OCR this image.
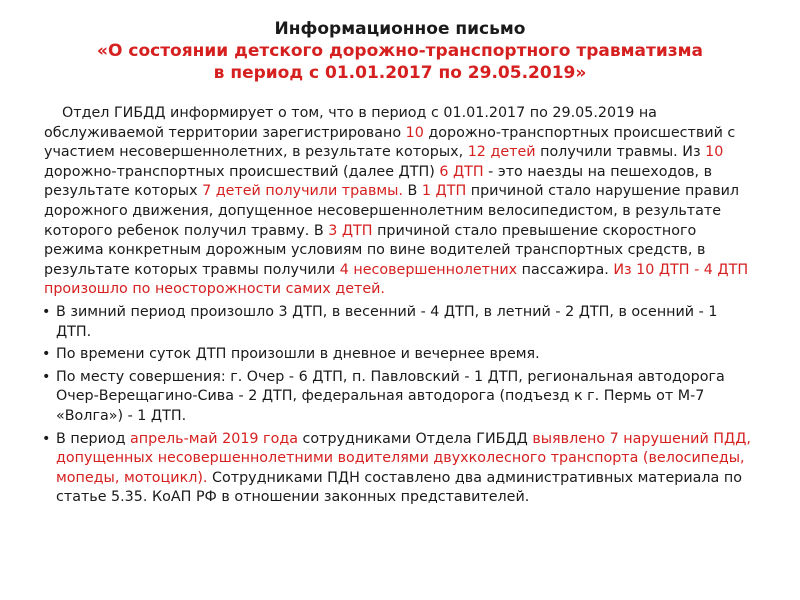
Информационное письмо
«О состоянии детского дорожно-транспортного травматизма
в период с 01.01.2017 по 29.05.2019»

Отдел ГИБДД информирует о том, что в период с 01.01.2017 по 29.05.2019 на обслуживаемой территории зарегистрировано 10 дорожно-транспортных происшествий с участием несовершеннолетних, в результате которых, 12 детей получили травмы. Из 10 дорожно-транспортных происшествий (далее ДТП) 6 ДТП - это наезды на пешеходов, в результате которых 7 детей получили травмы. В 1 ДТП причиной стало нарушение правил дорожного движения, допущенное несовершеннолетним велосипедистом, в результате которого ребенок получил травму. В 3 ДТП причиной стало превышение скоростного режима конкретным дорожным условиям по вине водителей транспортных средств, в результате которых травмы получили 4 несовершеннолетних пассажира. Из 10 ДТП - 4 ДТП произошло по неосторожности самих детей.

• В зимний период произошло 3 ДТП, в весенний - 4 ДТП, в летний - 2 ДТП, в осенний - 1 ДТП.
• По времени суток ДТП произошли в дневное и вечернее время.
• По месту совершения: г. Очер - 6 ДТП, п. Павловский - 1 ДТП, региональная автодорога Очер-Верещагино-Сива - 2 ДТП, федеральная автодорога (подъезд к г. Пермь от М-7 «Волга») - 1 ДТП.
• В период апрель-май 2019 года сотрудниками Отдела ГИБДД выявлено 7 нарушений ПДД, допущенных несовершеннолетними водителями двухколесного транспорта (велосипеды, мопеды, мотоцикл). Сотрудниками ПДН составлено два административных материала по статье 5.35. КоАП РФ в отношении законных представителей.
